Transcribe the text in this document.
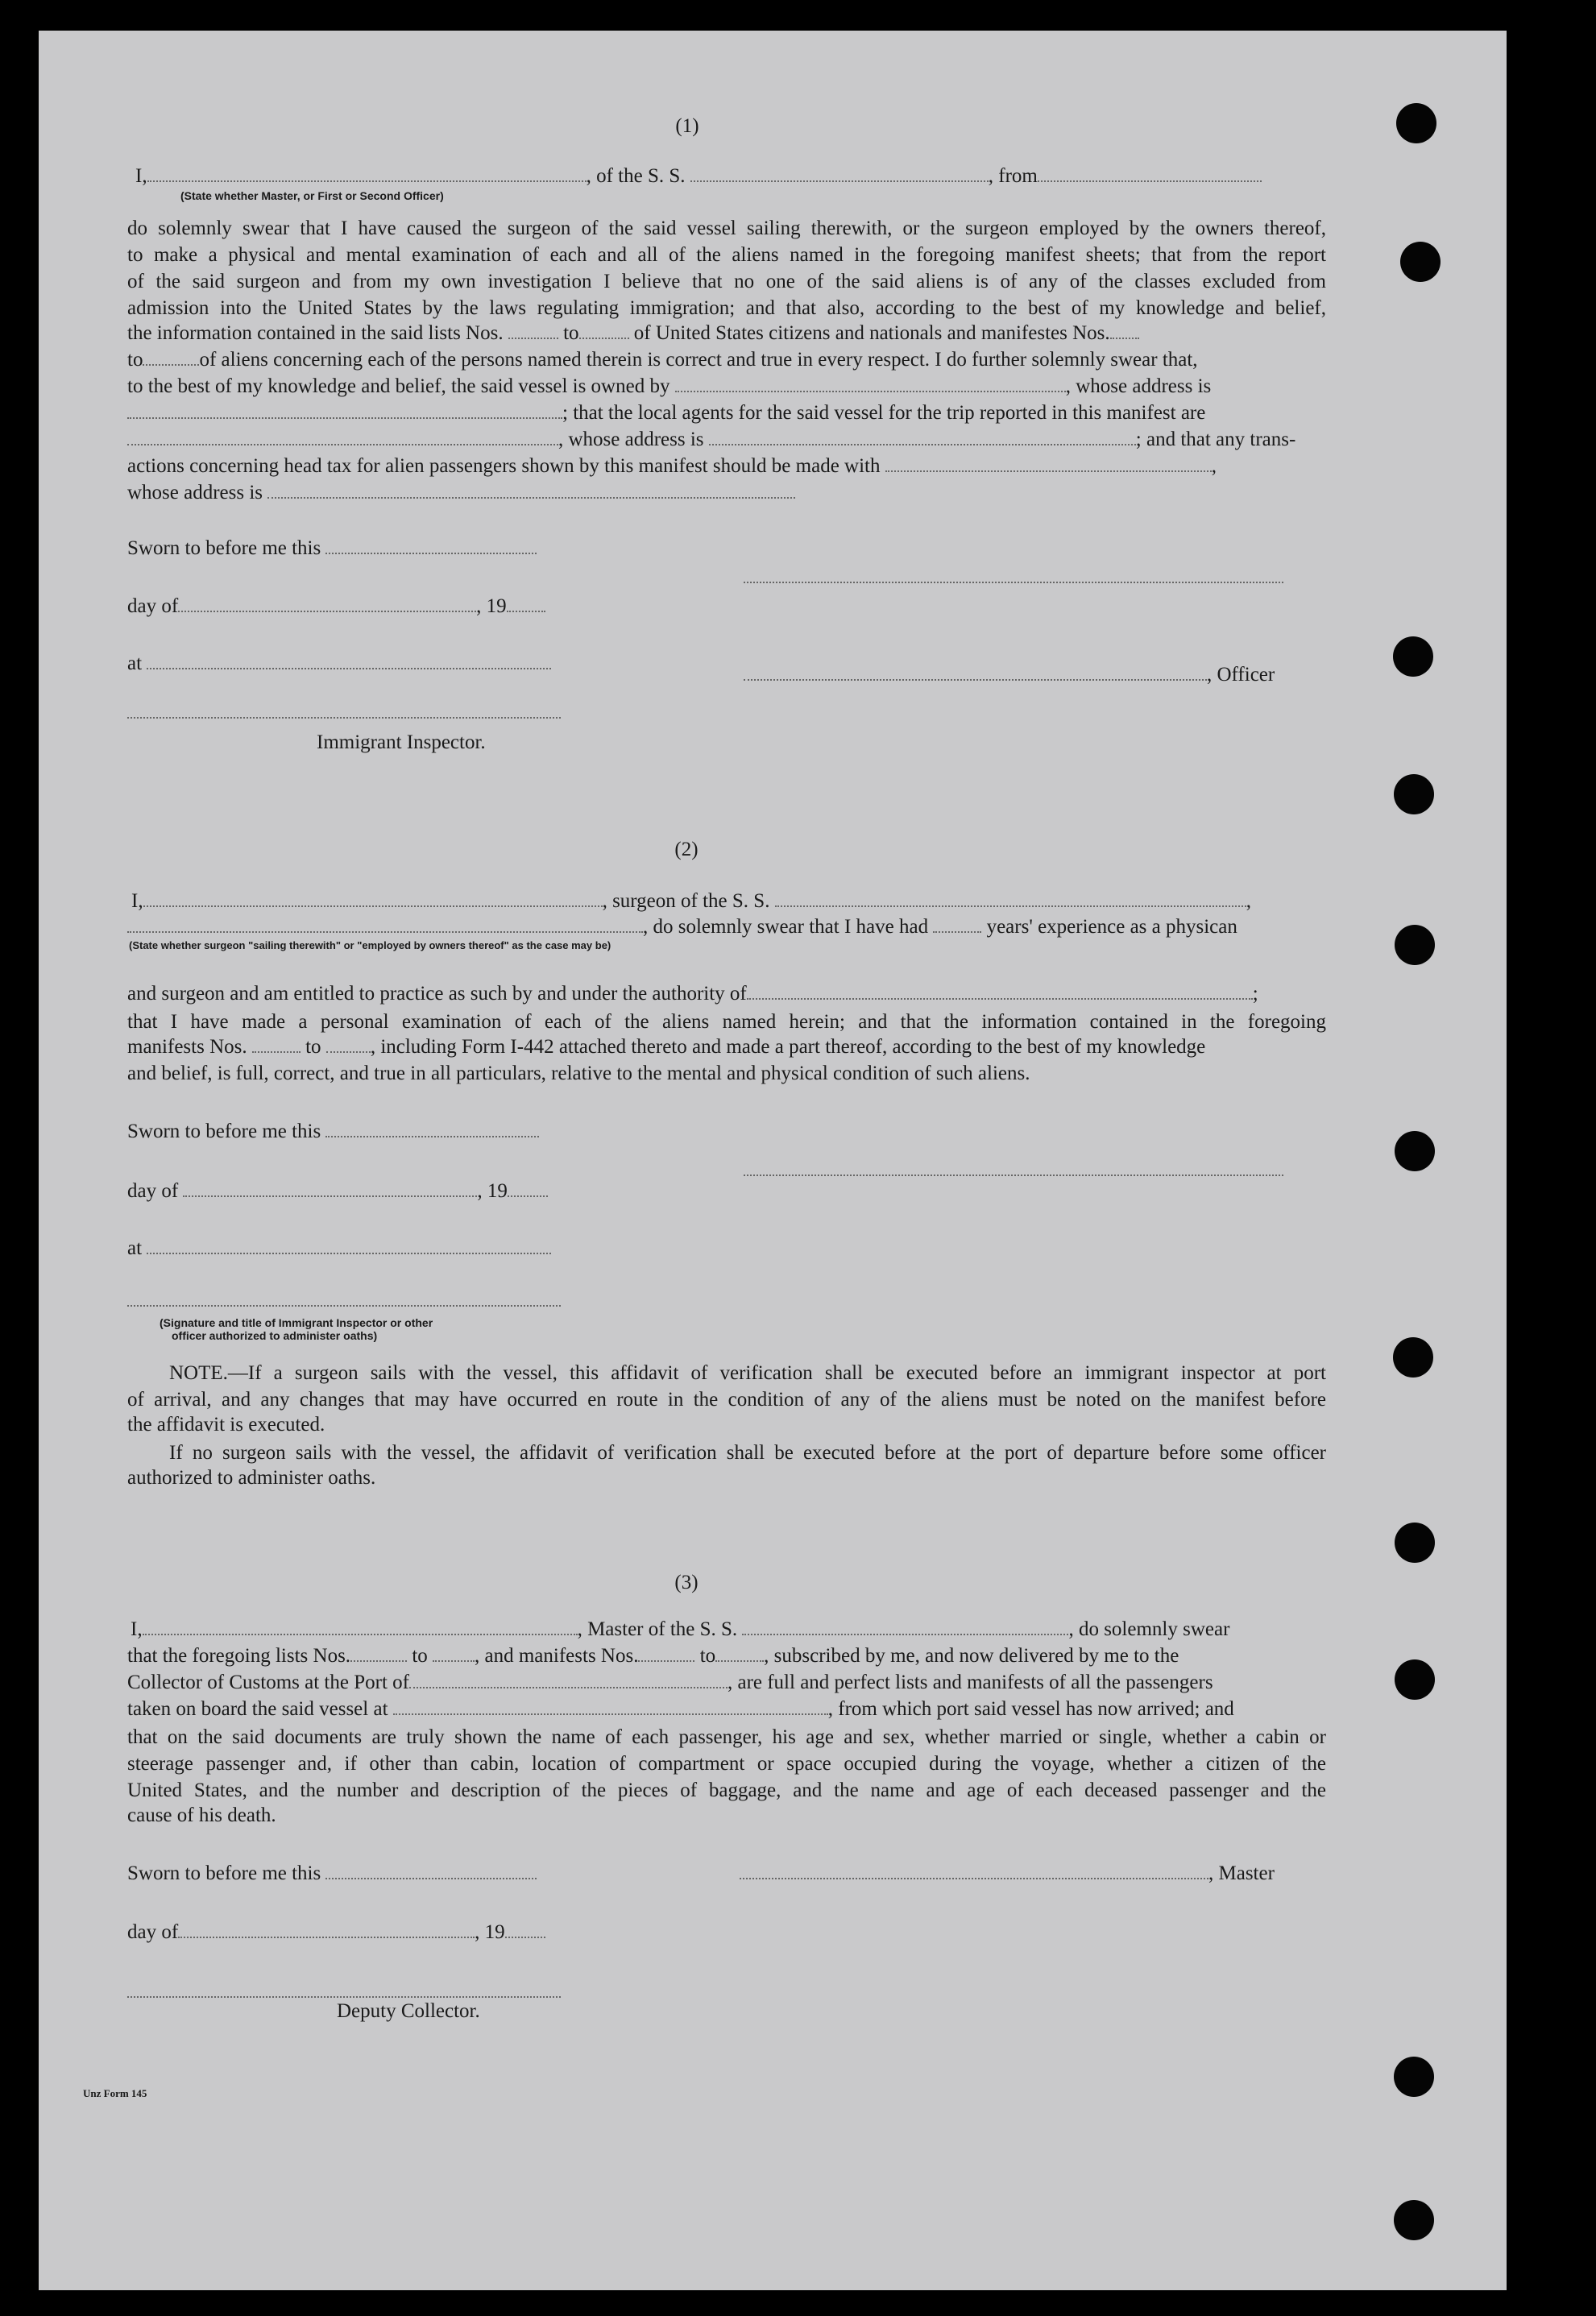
(1)
I,	, of the S. S.	, from
(State whether Master, or First or Second Officer)
do solemnly swear that I have caused the surgeon of the said vessel sailing therewith, or the surgeon employed by the owners thereof,
to make a physical and mental examination of each and all of the aliens named in the foregoing manifest sheets; that from the report
of the said surgeon and from my own investigation I believe that no one of the said aliens is of any of the classes excluded from
admission into the United States by the laws regulating immigration; and that also, according to the best of my knowledge and belief,
the information contained in the said lists Nos.	to	of United States citizens and nationals and manifestes Nos.
to	of aliens concerning each of the persons named therein is correct and true in every respect. I do further solemnly swear that,
to the best of my knowledge and belief, the said vessel is owned by	, whose address is
; that the local agents for the said vessel for the trip reported in this manifest are
, whose address is	; and that any trans-
actions concerning head tax for alien passengers shown by this manifest should be made with	,
whose address is
Sworn to before me this
day of	, 19
at
, Officer
Immigrant Inspector.
(2)
I,	, surgeon of the S. S.	,
, do solemnly swear that I have had	years' experience as a physican
(State whether surgeon "sailing therewith" or "employed by owners thereof" as the case may be)
and surgeon and am entitled to practice as such by and under the authority of	;
that I have made a personal examination of each of the aliens named herein; and that the information contained in the foregoing
manifests Nos.	to , including Form I-442 attached thereto and made a part thereof, according to the best of my knowledge
and belief, is full, correct, and true in all particulars, relative to the mental and physical condition of such aliens.
Sworn to before me this
day of	, 19
at
(Signature and title of Immigrant Inspector or other
officer authorized to administer oaths)
NOTE.—If a surgeon sails with the vessel, this affidavit of verification shall be executed before an immigrant inspector at port
of arrival, and any changes that may have occurred en route in the condition of any of the aliens must be noted on the manifest before
the affidavit is executed.
If no surgeon sails with the vessel, the affidavit of verification shall be executed before at the port of departure before some officer
authorized to administer oaths.
(3)
I,	, Master of the S. S.	, do solemnly swear
that the foregoing lists Nos.	to , and manifests Nos.	to , subscribed by me, and now delivered by me to the
Collector of Customs at the Port of	, are full and perfect lists and manifests of all the passengers
taken on board the said vessel at	, from which port said vessel has now arrived; and
that on the said documents are truly shown the name of each passenger, his age and sex, whether married or single, whether a cabin or
steerage passenger and, if other than cabin, location of compartment or space occupied during the voyage, whether a citizen of the
United States, and the number and description of the pieces of baggage, and the name and age of each deceased passenger and the
cause of his death.
Sworn to before me this	, Master
day of	, 19
Deputy Collector.
Unz Form 145
